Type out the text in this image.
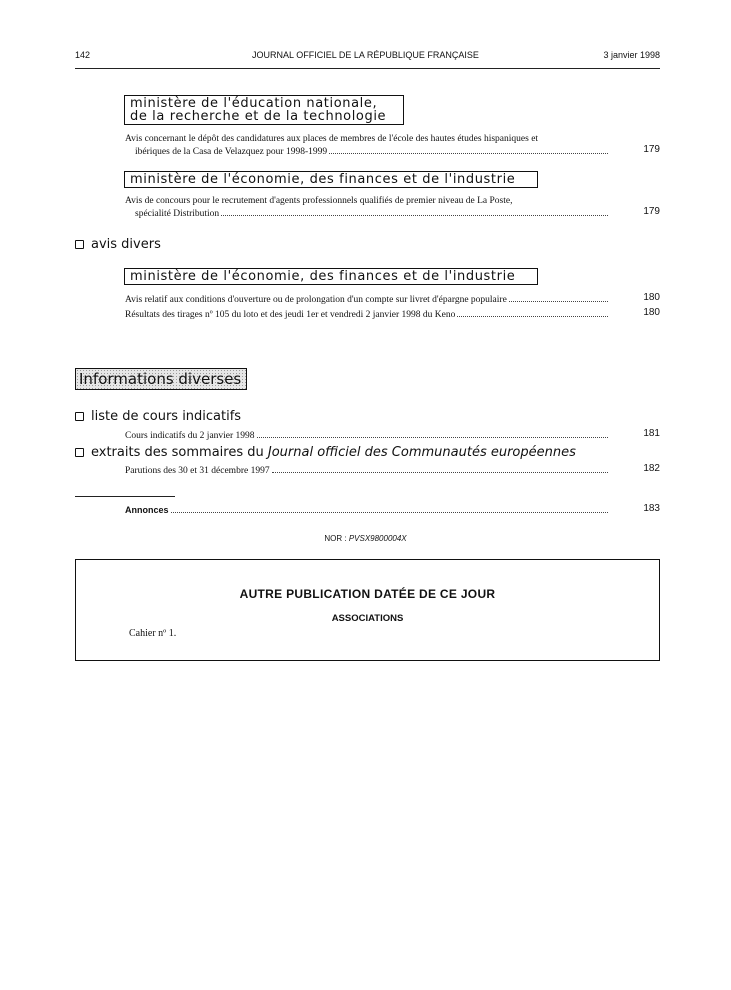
142	JOURNAL OFFICIEL DE LA RÉPUBLIQUE FRANÇAISE	3 janvier 1998
ministère de l'éducation nationale,
de la recherche et de la technologie
Avis concernant le dépôt des candidatures aux places de membres de l'école des hautes études hispaniques et
ibériques de la Casa de Velazquez pour 1998-1999	179
ministère de l'économie, des finances et de l'industrie
Avis de concours pour le recrutement d'agents professionnels qualifiés de premier niveau de La Poste,
spécialité Distribution	179
avis divers
ministère de l'économie, des finances et de l'industrie
Avis relatif aux conditions d'ouverture ou de prolongation d'un compte sur livret d'épargne populaire	180
Résultats des tirages nº 105 du loto et des jeudi 1er et vendredi 2 janvier 1998 du Keno	180
Informations diverses
liste de cours indicatifs
Cours indicatifs du 2 janvier 1998	181
extraits des sommaires du
Journal officiel des Communautés européennes
Parutions des 30 et 31 décembre 1997	182
Annonces	183
NOR : PVSX9800004X
AUTRE PUBLICATION DATÉE DE CE JOUR
ASSOCIATIONS
Cahier nº 1.
